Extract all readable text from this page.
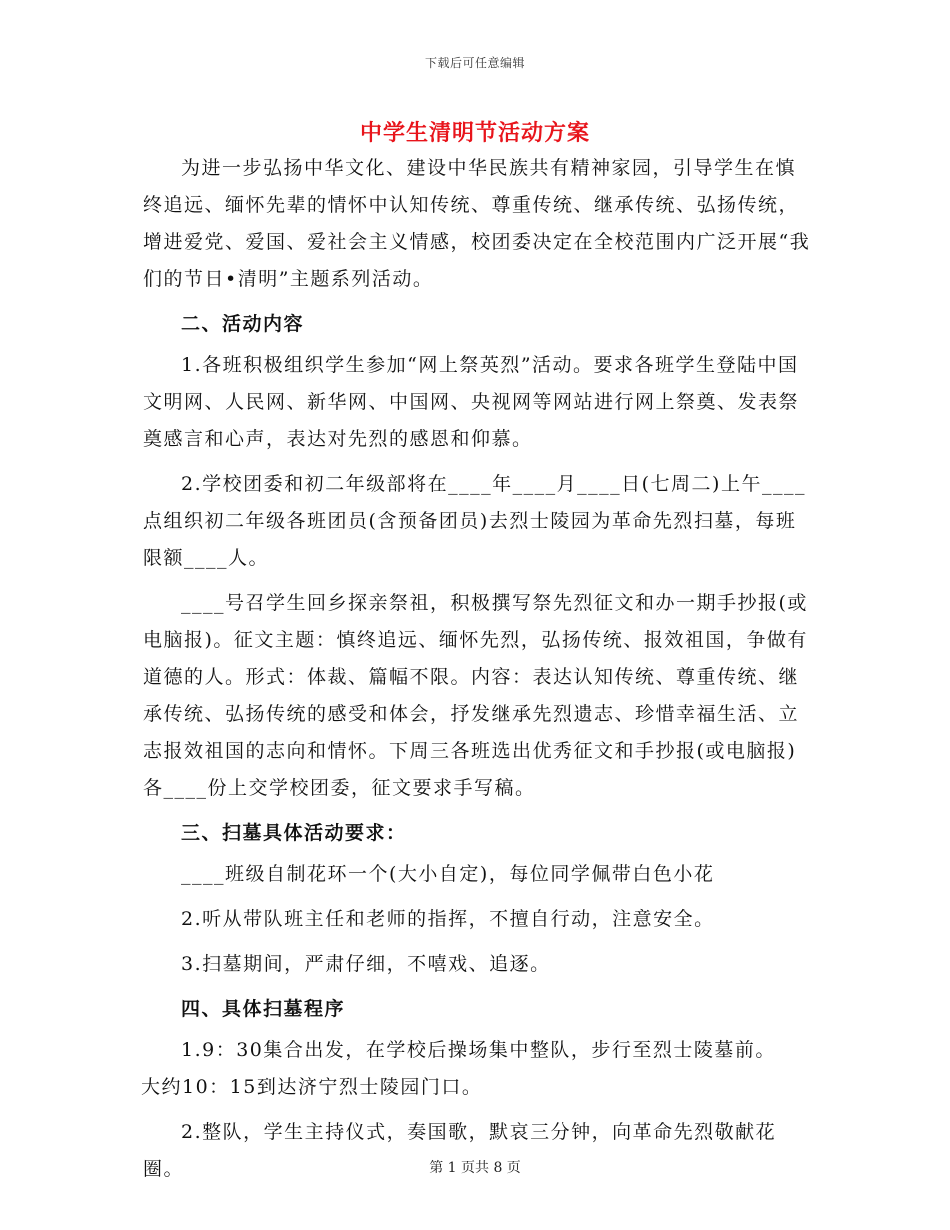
下载后可任意编辑
中学生清明节活动方案

为进一步弘扬中华文化、建设中华民族共有精神家园，引导学生在慎终追远、缅怀先辈的情怀中认知传统、尊重传统、继承传统、弘扬传统，增进爱党、爱国、爱社会主义情感，校团委决定在全校范围内广泛开展“我们的节日•清明”主题系列活动。

二、活动内容

1.各班积极组织学生参加“网上祭英烈”活动。要求各班学生登陆中国文明网、人民网、新华网、中国网、央视网等网站进行网上祭奠、发表祭奠感言和心声，表达对先烈的感恩和仰慕。

2.学校团委和初二年级部将在____年____月____日(七周二)上午____点组织初二年级各班团员(含预备团员)去烈士陵园为革命先烈扫墓，每班限额____人。

____号召学生回乡探亲祭祖，积极撰写祭先烈征文和办一期手抄报(或电脑报)。征文主题：慎终追远、缅怀先烈，弘扬传统、报效祖国，争做有道德的人。形式：体裁、篇幅不限。内容：表达认知传统、尊重传统、继承传统、弘扬传统的感受和体会，抒发继承先烈遗志、珍惜幸福生活、立志报效祖国的志向和情怀。下周三各班选出优秀征文和手抄报(或电脑报)各____份上交学校团委，征文要求手写稿。

三、扫墓具体活动要求：

____班级自制花环一个(大小自定)，每位同学佩带白色小花

2.听从带队班主任和老师的指挥，不擅自行动，注意安全。

3.扫墓期间，严肃仔细，不嘻戏、追逐。

四、具体扫墓程序

1.9：30集合出发，在学校后操场集中整队，步行至烈士陵墓前。

大约10：15到达济宁烈士陵园门口。

2.整队，学生主持仪式，奏国歌，默哀三分钟，向革命先烈敬献花圈。	第 1 页共 8 页
